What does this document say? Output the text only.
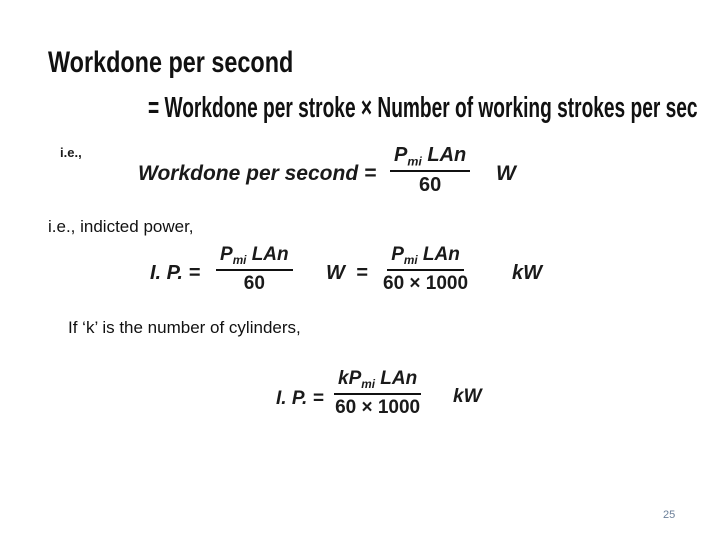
Workdone per second
= Workdone per stroke × Number of working strokes per sec
i.e.,
Workdone per second =
$P_{mi}$ LAn
60
W
i.e., indicted power,
I. P. =
$P_{mi}$ LAn
60	W  =
$P_{mi}$ LAn
60 × 1000 kW
If ‘k’ is the number of cylinders,
I. P. =
$kP_{mi}$ LAn
60 × 1000
kW
25
